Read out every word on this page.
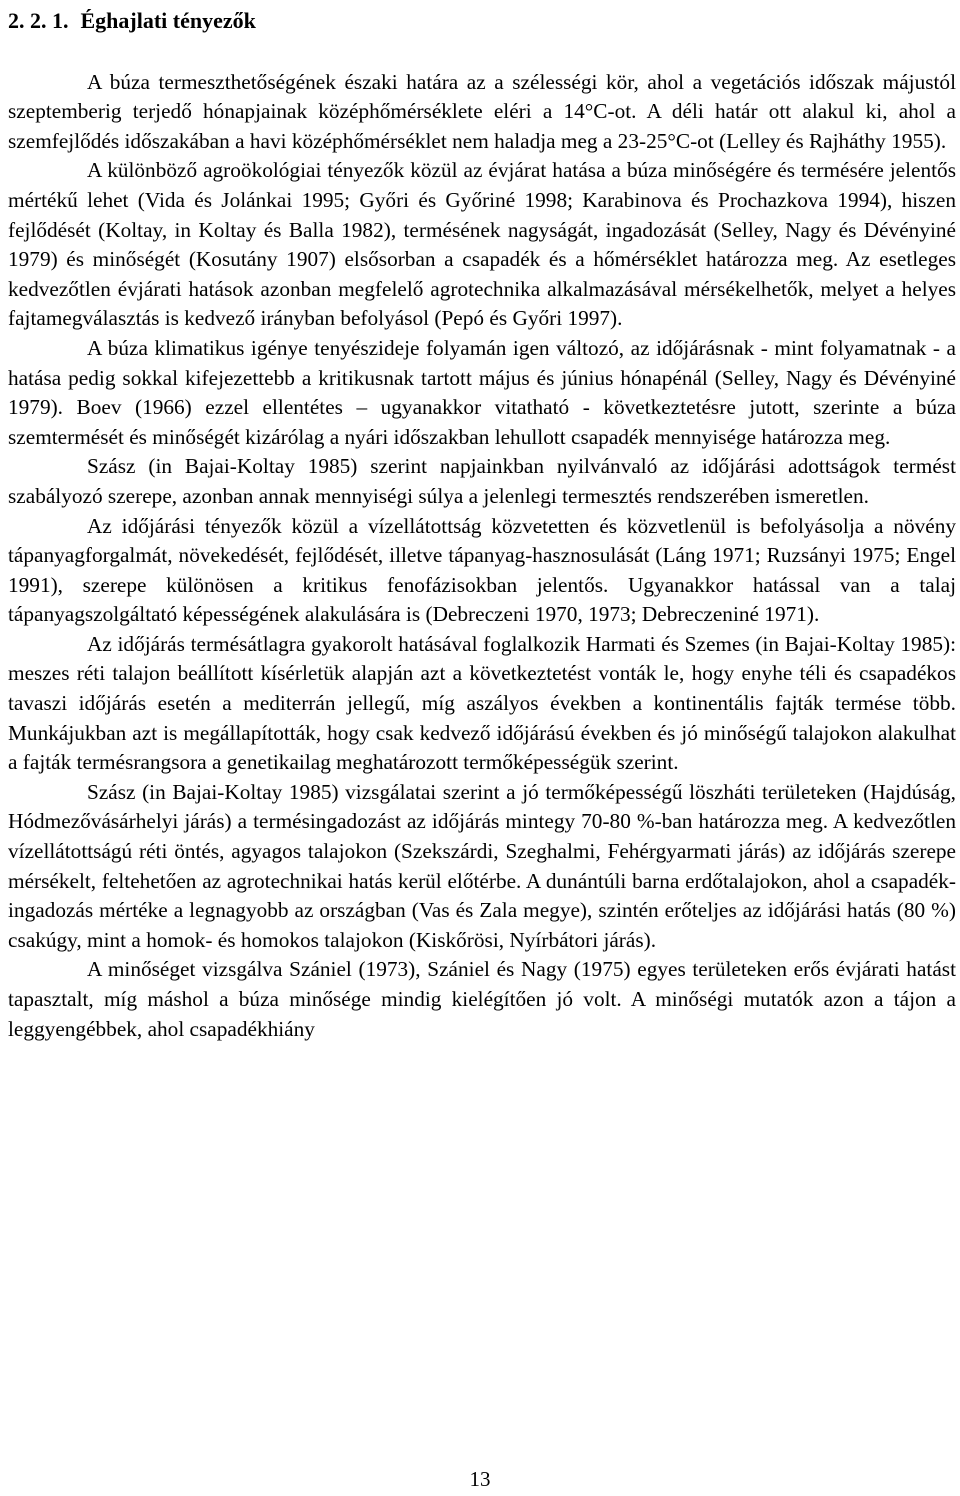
2. 2. 1. Éghajlati tényezők

A búza termeszthetőségének északi határa az a szélességi kör, ahol a vegetációs időszak májustól szeptemberig terjedő hónapjainak középhőmérséklete eléri a 14°C-ot. A déli határ ott alakul ki, ahol a szemfejlődés időszakában a havi középhőmérséklet nem haladja meg a 23-25°C-ot (Lelley és Rajháthy 1955).

A különböző agroökológiai tényezők közül az évjárat hatása a búza minőségére és termésére jelentős mértékű lehet (Vida és Jolánkai 1995; Győri és Győriné 1998; Karabinova és Prochazkova 1994), hiszen fejlődését (Koltay, in Koltay és Balla 1982), termésének nagyságát, ingadozását (Selley, Nagy és Dévényiné 1979) és minőségét (Kosutány 1907) elsősorban a csapadék és a hőmérséklet határozza meg. Az esetleges kedvezőtlen évjárati hatások azonban megfelelő agrotechnika alkalmazásával mérsékelhetők, melyet a helyes fajtamegválasztás is kedvező irányban befolyásol (Pepó és Győri 1997).

A búza klimatikus igénye tenyészideje folyamán igen változó, az időjárásnak - mint folyamatnak - a hatása pedig sokkal kifejezettebb a kritikusnak tartott május és június hónapénál (Selley, Nagy és Dévényiné 1979). Boev (1966) ezzel ellentétes – ugyanakkor vitatható - következtetésre jutott, szerinte a búza szemtermését és minőségét kizárólag a nyári időszakban lehullott csapadék mennyisége határozza meg.

Szász (in Bajai-Koltay 1985) szerint napjainkban nyilvánvaló az időjárási adottságok termést szabályozó szerepe, azonban annak mennyiségi súlya a jelenlegi termesztés rendszerében ismeretlen.

Az időjárási tényezők közül a vízellátottság közvetetten és közvetlenül is befolyásolja a növény tápanyagforgalmát, növekedését, fejlődését, illetve tápanyag-hasznosulását (Láng 1971; Ruzsányi 1975; Engel 1991), szerepe különösen a kritikus fenofázisokban jelentős. Ugyanakkor hatással van a talaj tápanyagszolgáltató képességének alakulására is (Debreczeni 1970, 1973; Debreczeniné 1971).

Az időjárás termésátlagra gyakorolt hatásával foglalkozik Harmati és Szemes (in Bajai-Koltay 1985): meszes réti talajon beállított kísérletük alapján azt a következtetést vonták le, hogy enyhe téli és csapadékos tavaszi időjárás esetén a mediterrán jellegű, míg aszályos években a kontinentális fajták termése több. Munkájukban azt is megállapították, hogy csak kedvező időjárású években és jó minőségű talajokon alakulhat a fajták termésrangsora a genetikailag meghatározott termőképességük szerint.

Szász (in Bajai-Koltay 1985) vizsgálatai szerint a jó termőképességű löszháti területeken (Hajdúság, Hódmezővásárhelyi járás) a termésingadozást az időjárás mintegy 70-80 %-ban határozza meg. A kedvezőtlen vízellátottságú réti öntés, agyagos talajokon (Szekszárdi, Szeghalmi, Fehérgyarmati járás) az időjárás szerepe mérsékelt, feltehetően az agrotechnikai hatás kerül előtérbe. A dunántúli barna erdőtalajokon, ahol a csapadék-ingadozás mértéke a legnagyobb az országban (Vas és Zala megye), szintén erőteljes az időjárási hatás (80 %) csakúgy, mint a homok- és homokos talajokon (Kiskőrösi, Nyírbátori járás).

A minőséget vizsgálva Szániel (1973), Szániel és Nagy (1975) egyes területeken erős évjárati hatást tapasztalt, míg máshol a búza minősége mindig kielégítően jó volt. A minőségi mutatók azon a tájon a leggyengébbek, ahol csapadékhiány

13
